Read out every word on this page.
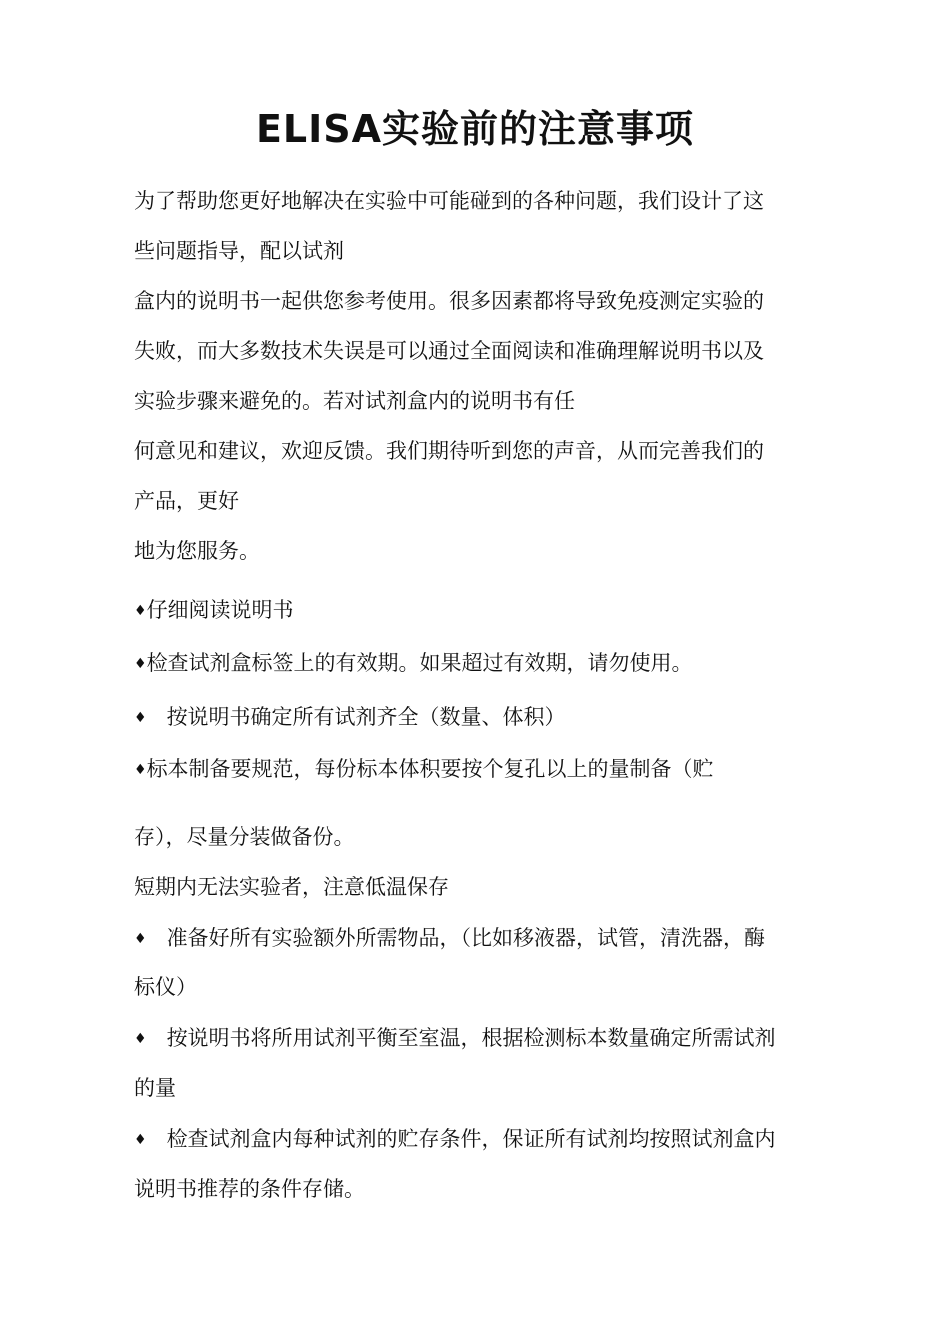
ELISA实验前的注意事项

为了帮助您更好地解决在实验中可能碰到的各种问题，我们设计了这

些问题指导，配以试剂

盒内的说明书一起供您参考使用。很多因素都将导致免疫测定实验的

失败，而大多数技术失误是可以通过全面阅读和准确理解说明书以及

实验步骤来避免的。若对试剂盒内的说明书有任

何意见和建议，欢迎反馈。我们期待听到您的声音，从而完善我们的

产品，更好

地为您服务。

♦仔细阅读说明书

♦检查试剂盒标签上的有效期。如果超过有效期，请勿使用。

♦ 按说明书确定所有试剂齐全（数量、体积）

♦标本制备要规范，每份标本体积要按个复孔以上的量制备（贮

存），尽量分装做备份。

短期内无法实验者，注意低温保存

♦ 准备好所有实验额外所需物品，（比如移液器，试管，清洗器，酶

标仪）

♦ 按说明书将所用试剂平衡至室温，根据检测标本数量确定所需试剂

的量

♦ 检查试剂盒内每种试剂的贮存条件，保证所有试剂均按照试剂盒内

说明书推荐的条件存储。
